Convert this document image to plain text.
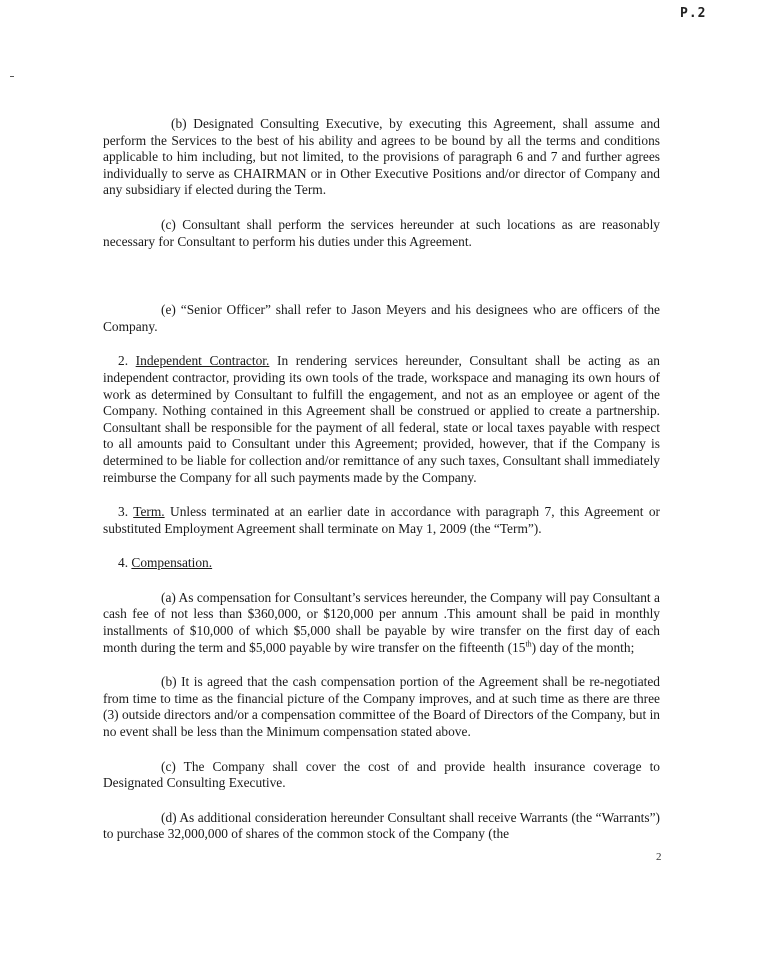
P.2

(b) Designated Consulting Executive, by executing this Agreement, shall assume and perform the Services to the best of his ability and agrees to be bound by all the terms and conditions applicable to him including, but not limited, to the provisions of paragraph 6 and 7 and further agrees individually to serve as CHAIRMAN or in Other Executive Positions and/or director of Company and any subsidiary if elected during the Term.

(c) Consultant shall perform the services hereunder at such locations as are reasonably necessary for Consultant to perform his duties under this Agreement.

(e) “Senior Officer” shall refer to Jason Meyers and his designees who are officers of the Company.

2. Independent Contractor. In rendering services hereunder, Consultant shall be acting as an independent contractor, providing its own tools of the trade, workspace and managing its own hours of work as determined by Consultant to fulfill the engagement, and not as an employee or agent of the Company. Nothing contained in this Agreement shall be construed or applied to create a partnership. Consultant shall be responsible for the payment of all federal, state or local taxes payable with respect to all amounts paid to Consultant under this Agreement; provided, however, that if the Company is determined to be liable for collection and/or remittance of any such taxes, Consultant shall immediately reimburse the Company for all such payments made by the Company.

3. Term. Unless terminated at an earlier date in accordance with paragraph 7, this Agreement or substituted Employment Agreement shall terminate on May 1, 2009 (the “Term”).

4. Compensation.

(a) As compensation for Consultant’s services hereunder, the Company will pay Consultant a cash fee of not less than $360,000, or $120,000 per annum .This amount shall be paid in monthly installments of $10,000 of which $5,000 shall be payable by wire transfer on the first day of each month during the term and $5,000 payable by wire transfer on the fifteenth (15th) day of the month;

(b) It is agreed that the cash compensation portion of the Agreement shall be re-negotiated from time to time as the financial picture of the Company improves, and at such time as there are three (3) outside directors and/or a compensation committee of the Board of Directors of the Company, but in no event shall be less than the Minimum compensation stated above.

(c) The Company shall cover the cost of and provide health insurance coverage to Designated Consulting Executive.

(d) As additional consideration hereunder Consultant shall receive Warrants (the “Warrants”) to purchase 32,000,000 of shares of the common stock of the Company (the

2
